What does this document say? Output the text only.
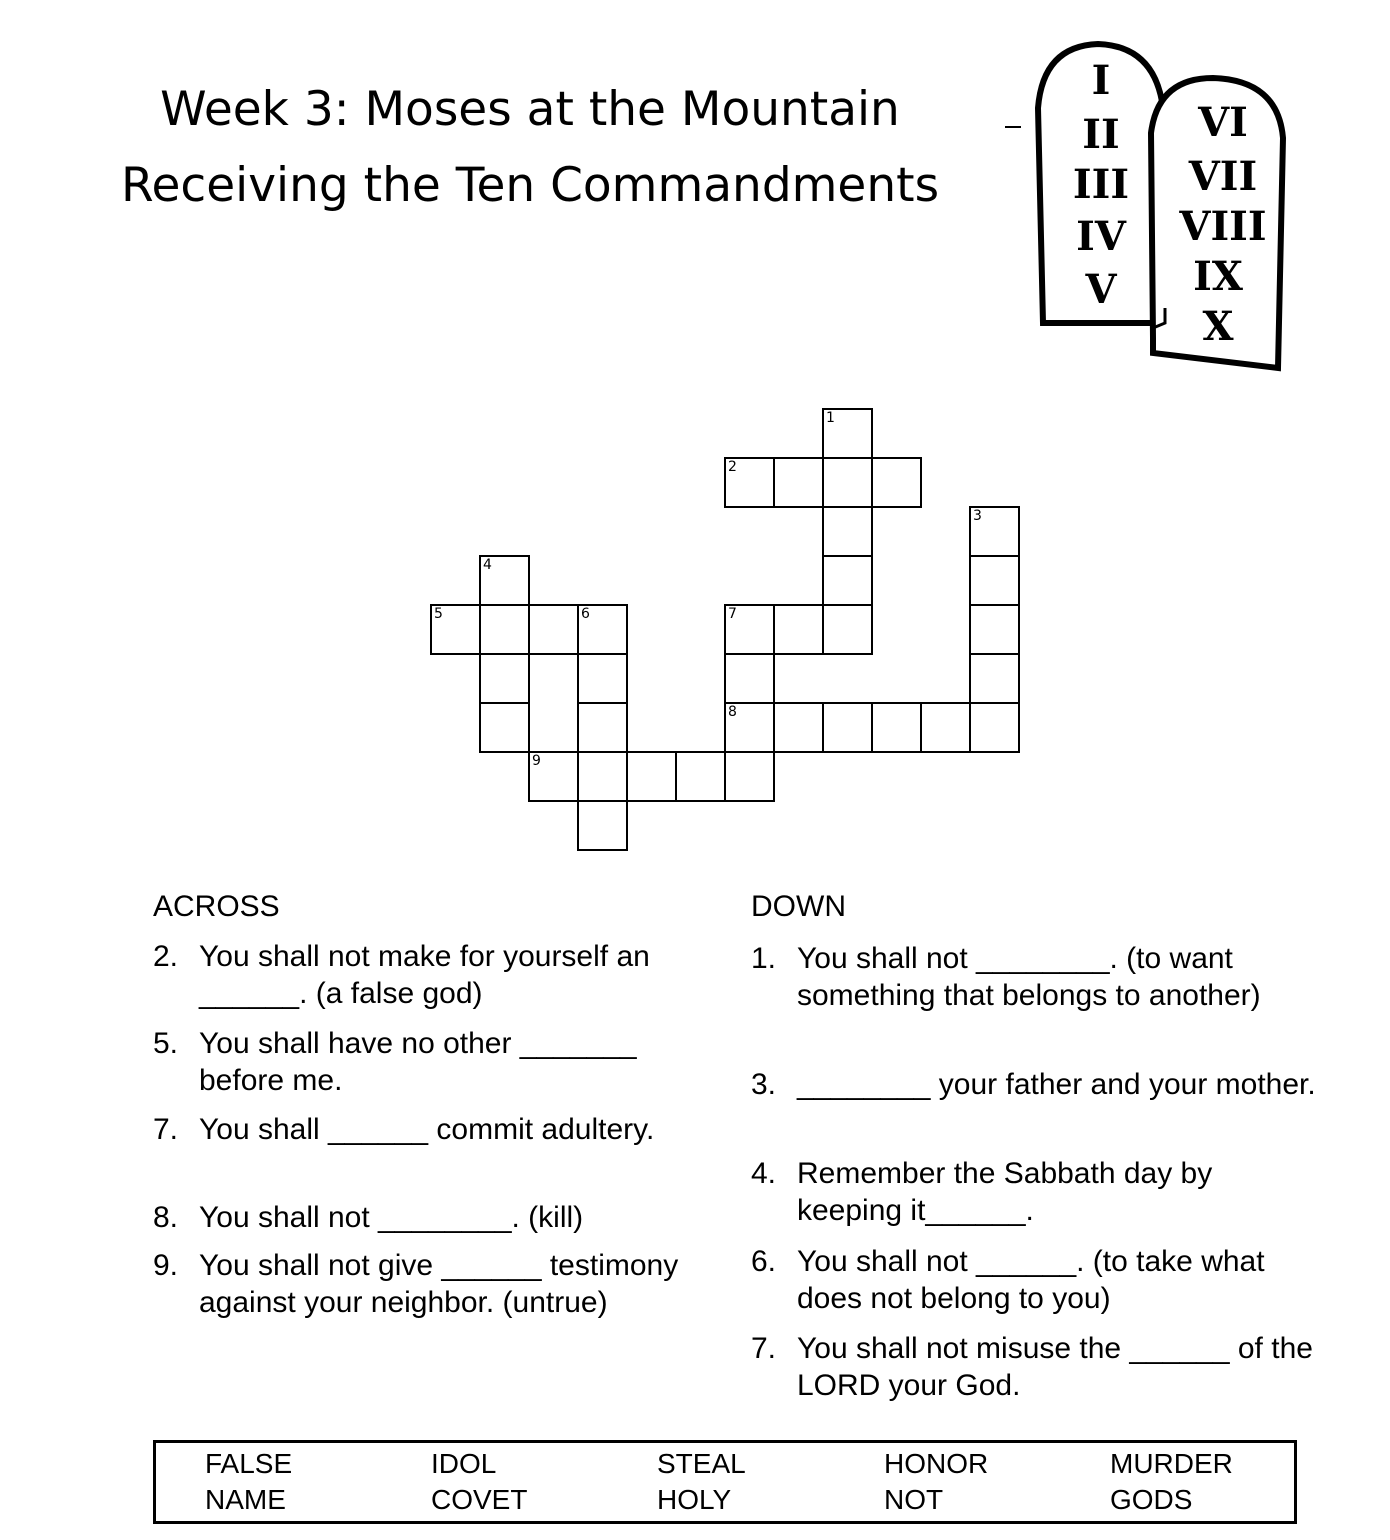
Week 3: Moses at the Mountain
Receiving the Ten Commandments
I
II
III
IV
V
VI
VII
VIII
IX
X
1
2
3
4
5	6	7
8
9
ACROSS	DOWN
2. You shall not make for yourself an ______. (a false god)
5. You shall have no other _______ before me.
7. You shall ______ commit adultery.
8. You shall not ________. (kill)
9. You shall not give ______ testimony against your neighbor. (untrue)
1. You shall not ________. (to want something that belongs to another)
3. ________ your father and your mother.
4. Remember the Sabbath day by keeping it______.
6. You shall not ______. (to take what does not belong to you)
7. You shall not misuse the ______ of the LORD your God.
FALSE	IDOL	STEAL	HONOR	MURDER
NAME	COVET	HOLY	NOT	GODS
